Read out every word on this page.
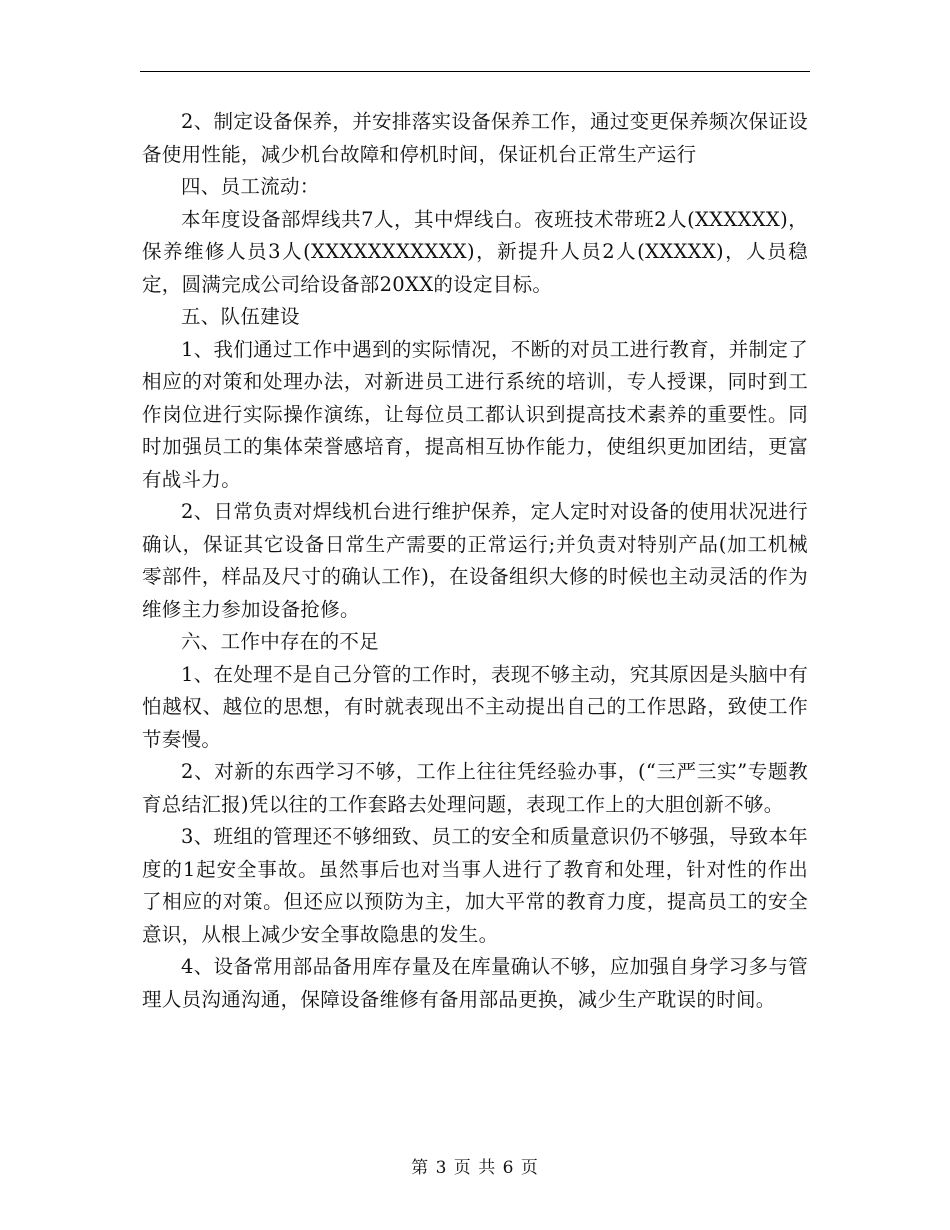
2、制定设备保养，并安排落实设备保养工作，通过变更保养频次保证设备使用性能，减少机台故障和停机时间，保证机台正常生产运行

四、员工流动：

本年度设备部焊线共7人，其中焊线白。夜班技术带班2人(XXXXXX)，保养维修人员3人(XXXXXXXXXXX)，新提升人员2人(XXXXX)，人员稳定，圆满完成公司给设备部20XX的设定目标。

五、队伍建设

1、我们通过工作中遇到的实际情况，不断的对员工进行教育，并制定了相应的对策和处理办法，对新进员工进行系统的培训，专人授课，同时到工作岗位进行实际操作演练，让每位员工都认识到提高技术素养的重要性。同时加强员工的集体荣誉感培育，提高相互协作能力，使组织更加团结，更富有战斗力。

2、日常负责对焊线机台进行维护保养，定人定时对设备的使用状况进行确认，保证其它设备日常生产需要的正常运行;并负责对特别产品(加工机械零部件，样品及尺寸的确认工作)，在设备组织大修的时候也主动灵活的作为维修主力参加设备抢修。

六、工作中存在的不足

1、在处理不是自己分管的工作时，表现不够主动，究其原因是头脑中有怕越权、越位的思想，有时就表现出不主动提出自己的工作思路，致使工作节奏慢。

2、对新的东西学习不够，工作上往往凭经验办事，(“三严三实”专题教育总结汇报)凭以往的工作套路去处理问题，表现工作上的大胆创新不够。

3、班组的管理还不够细致、员工的安全和质量意识仍不够强，导致本年度的1起安全事故。虽然事后也对当事人进行了教育和处理，针对性的作出了相应的对策。但还应以预防为主，加大平常的教育力度，提高员工的安全意识，从根上减少安全事故隐患的发生。

4、设备常用部品备用库存量及在库量确认不够，应加强自身学习多与管理人员沟通沟通，保障设备维修有备用部品更换，减少生产耽误的时间。

第 3 页 共 6 页
